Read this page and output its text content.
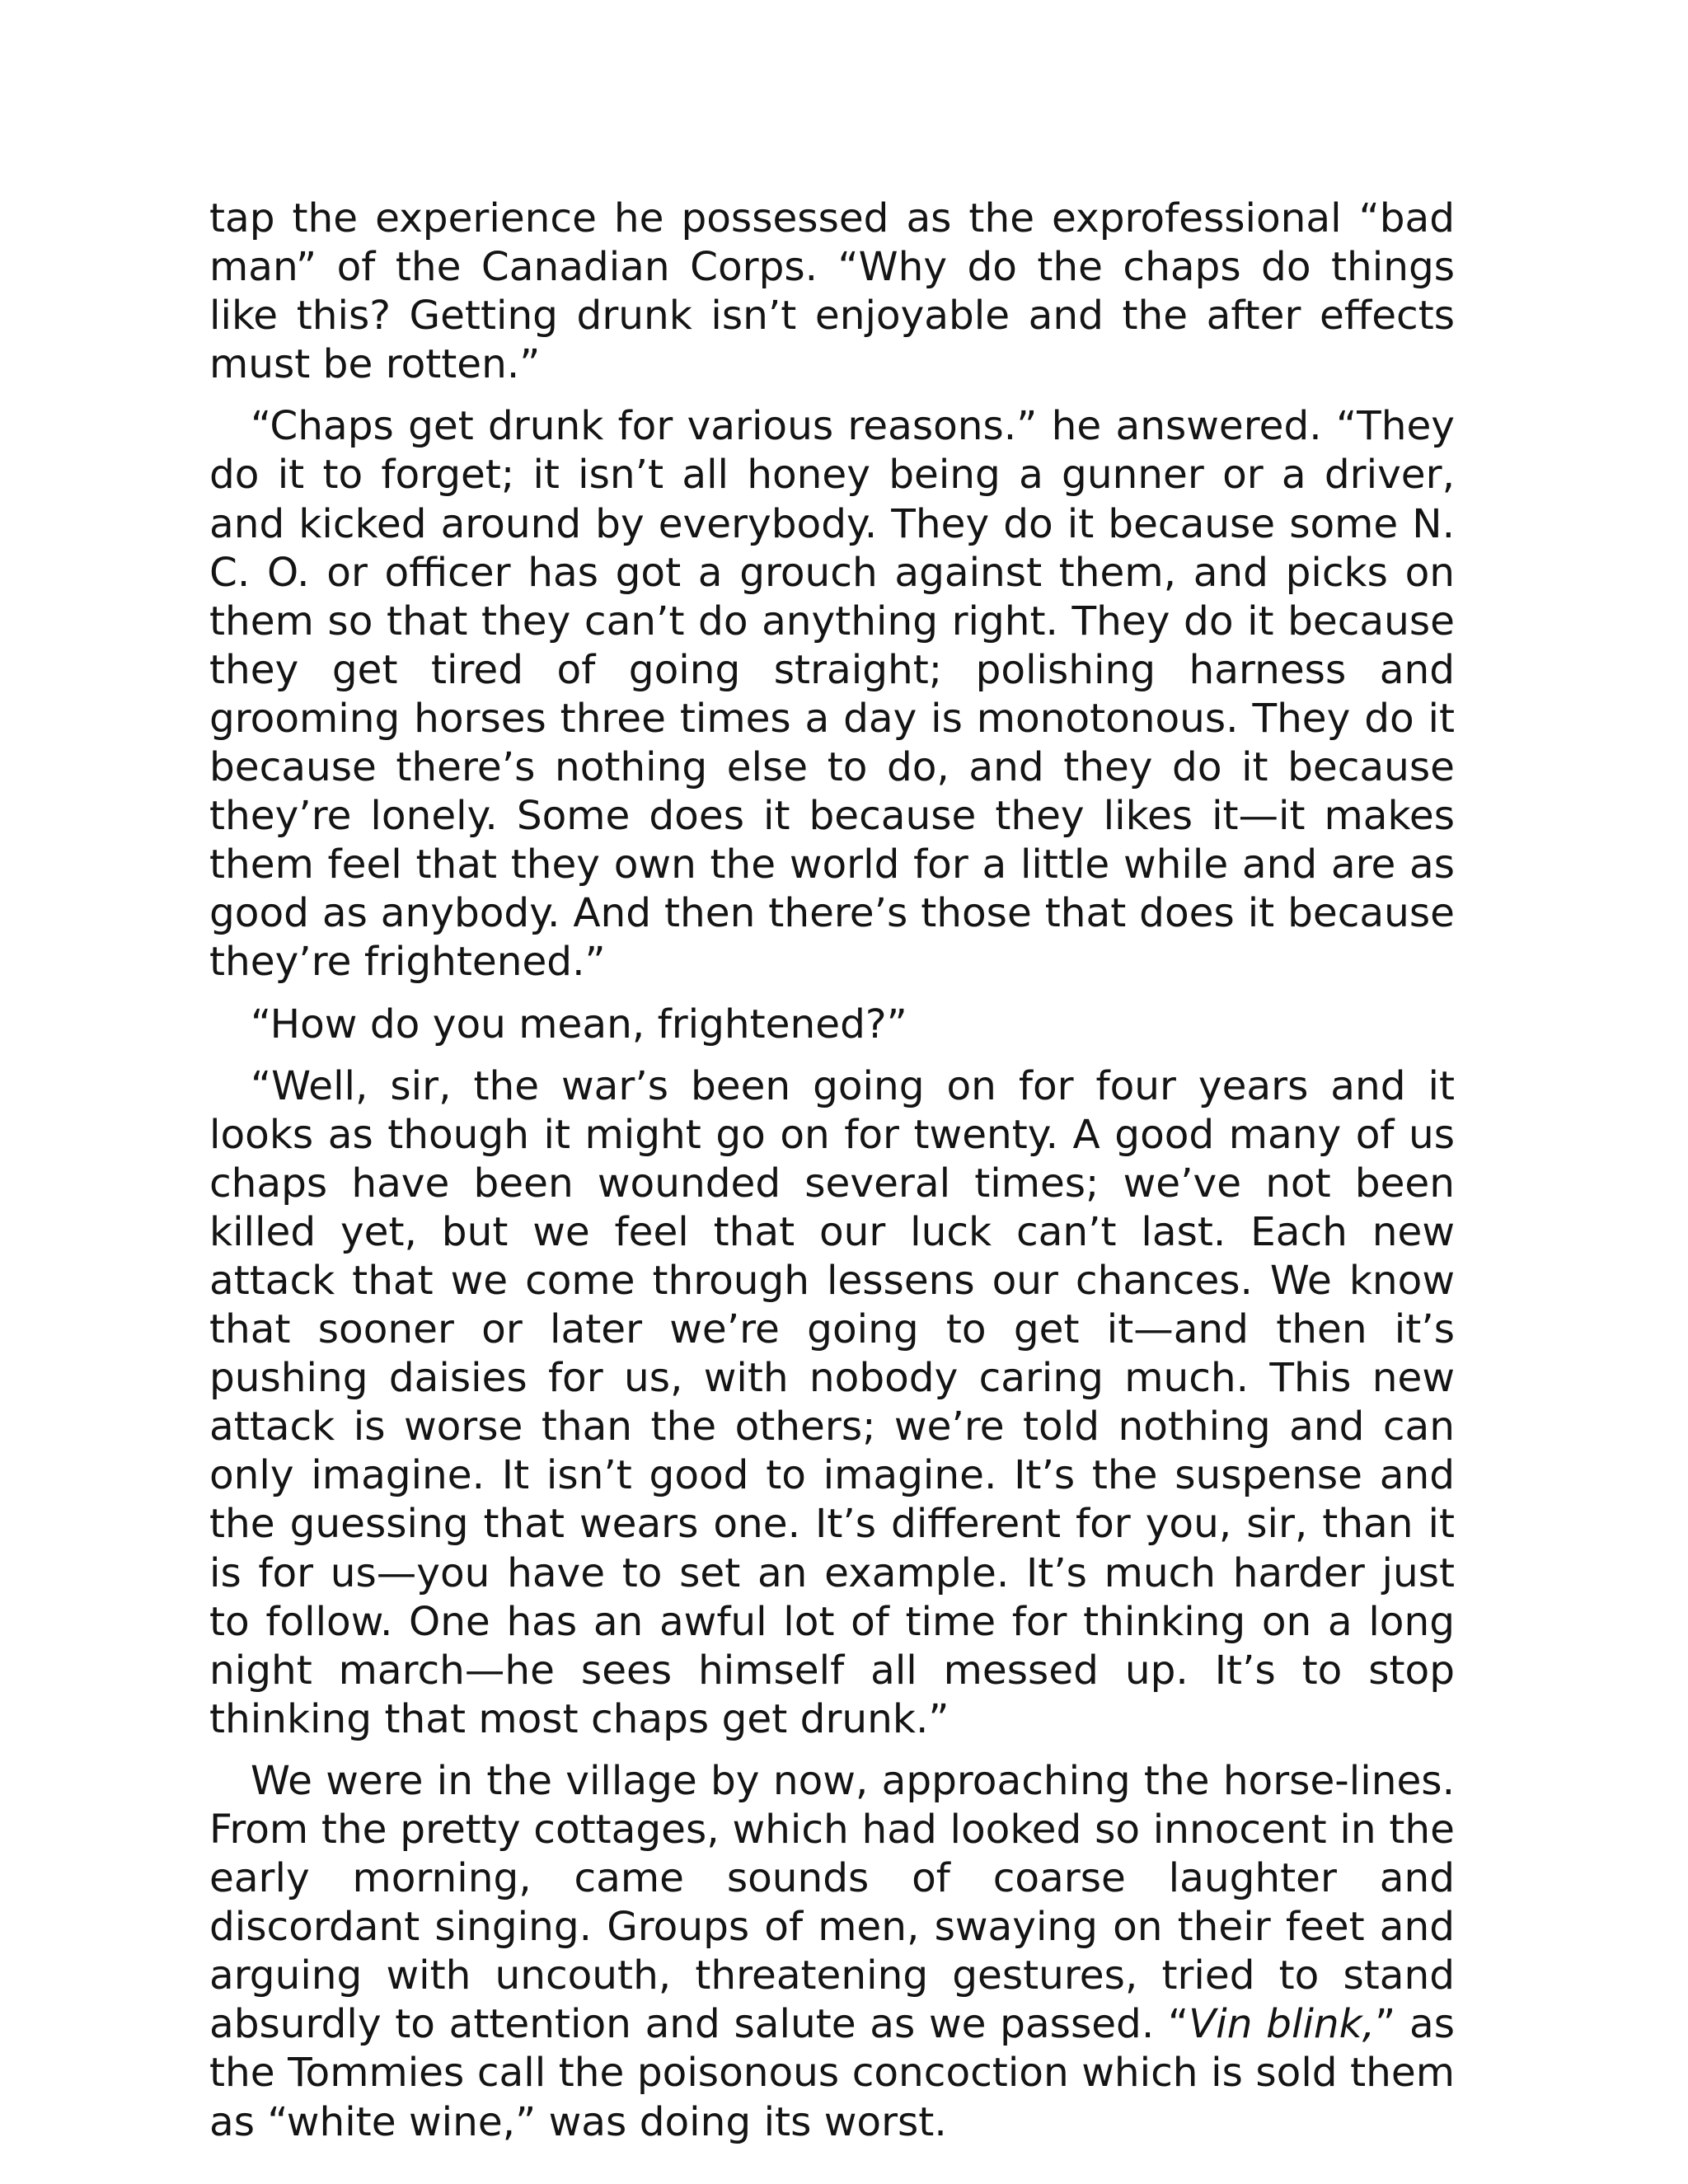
tap the experience he possessed as the exprofessional “bad man” of the Canadian Corps. “Why do the chaps do things like this? Getting drunk isn’t enjoyable and the after effects must be rotten.”

“Chaps get drunk for various reasons.” he answered. “They do it to forget; it isn’t all honey being a gunner or a driver, and kicked around by everybody. They do it because some N. C. O. or officer has got a grouch against them, and picks on them so that they can’t do anything right. They do it because they get tired of going straight; polishing harness and grooming horses three times a day is monotonous. They do it because there’s nothing else to do, and they do it because they’re lonely. Some does it because they likes it—it makes them feel that they own the world for a little while and are as good as anybody. And then there’s those that does it because they’re frightened.”

“How do you mean, frightened?”

“Well, sir, the war’s been going on for four years and it looks as though it might go on for twenty. A good many of us chaps have been wounded several times; we’ve not been killed yet, but we feel that our luck can’t last. Each new attack that we come through lessens our chances. We know that sooner or later we’re going to get it—and then it’s pushing daisies for us, with nobody caring much. This new attack is worse than the others; we’re told nothing and can only imagine. It isn’t good to imagine. It’s the suspense and the guessing that wears one. It’s different for you, sir, than it is for us—you have to set an example. It’s much harder just to follow. One has an awful lot of time for thinking on a long night march—he sees himself all messed up. It’s to stop thinking that most chaps get drunk.”

We were in the village by now, approaching the horse-lines. From the pretty cottages, which had looked so innocent in the early morning, came sounds of coarse laughter and discordant singing. Groups of men, swaying on their feet and arguing with uncouth, threatening gestures, tried to stand absurdly to attention and salute as we passed. “Vin blink,” as the Tommies call the poisonous concoction which is sold them as “white wine,” was doing its worst.
